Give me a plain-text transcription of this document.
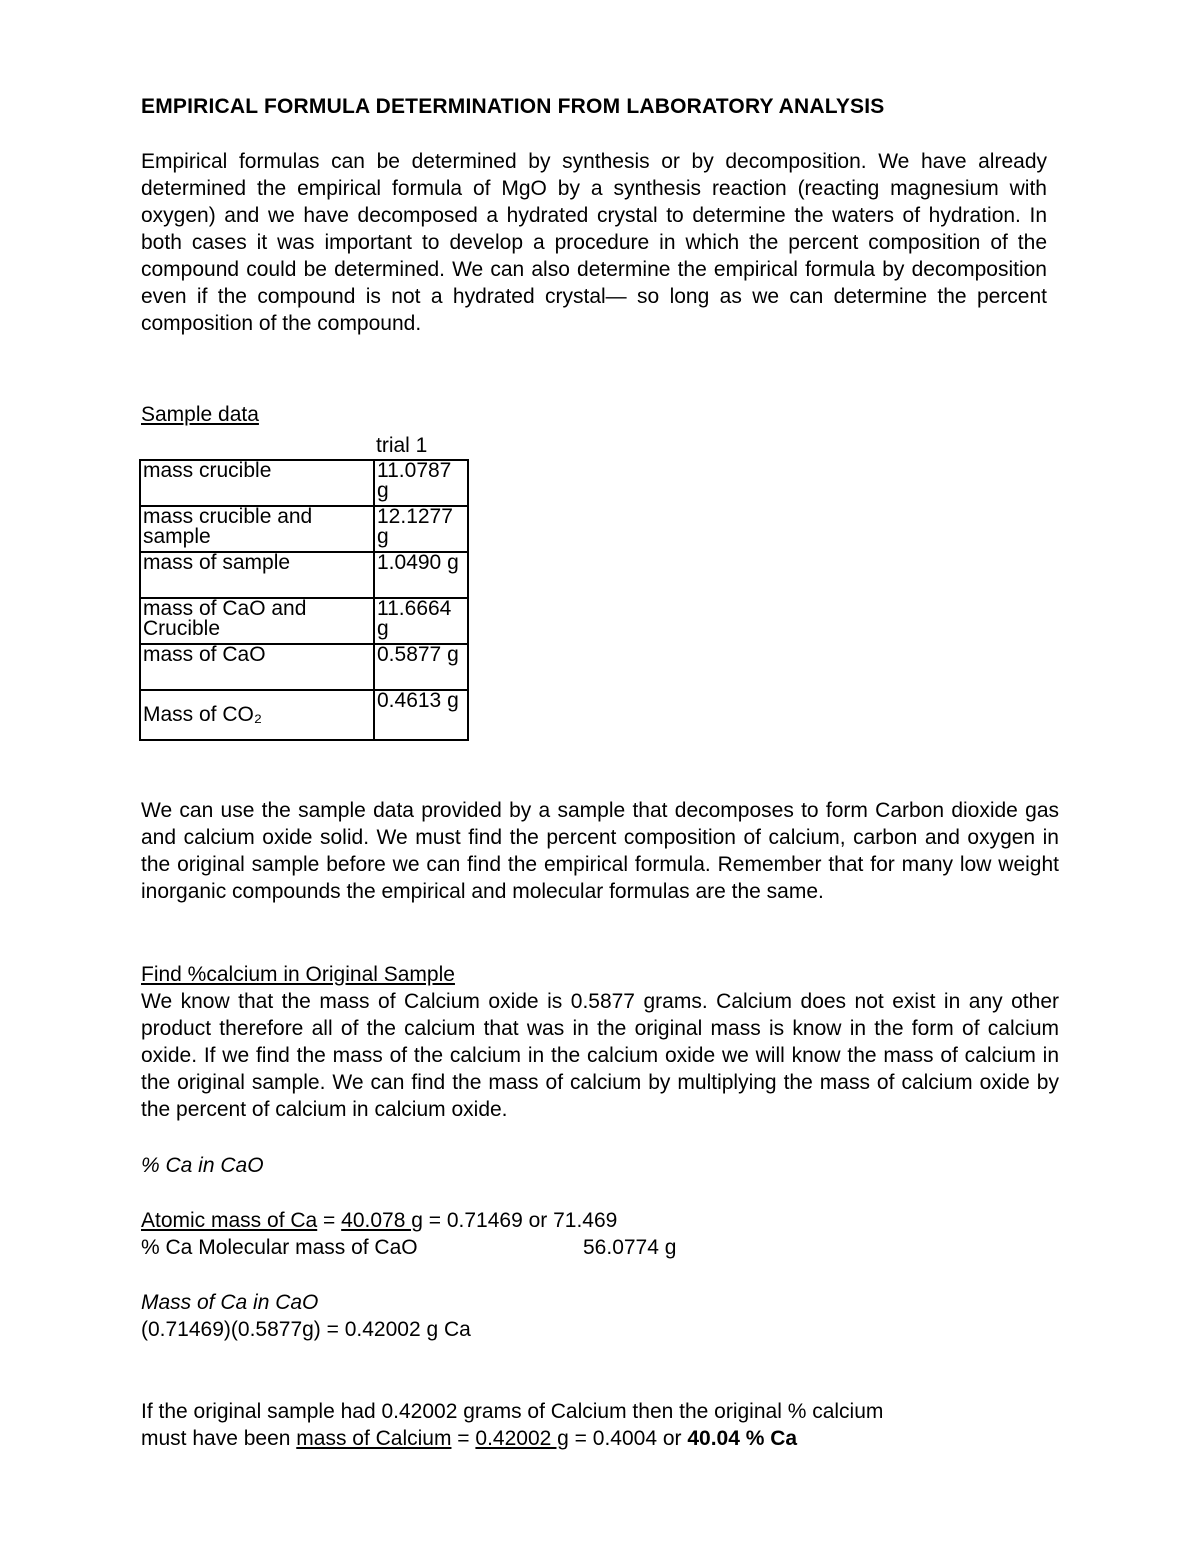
EMPIRICAL FORMULA DETERMINATION FROM LABORATORY ANALYSIS
Empirical formulas can be determined by synthesis or by decomposition. We have already determined the empirical formula of MgO by a synthesis reaction (reacting magnesium with oxygen) and we have decomposed a hydrated crystal to determine the waters of hydration. In both cases it was important to develop a procedure in which the percent composition of the compound could be determined. We can also determine the empirical formula by decomposition even if the compound is not a hydrated crystal— so long as we can determine the percent composition of the compound.
Sample data
trial 1
mass crucible	11.0787 g
mass crucible and sample	12.1277 g
mass of sample	1.0490 g
mass of CaO and Crucible	11.6664 g
mass of CaO	0.5877 g
Mass of CO₂	0.4613 g
We can use the sample data provided by a sample that decomposes to form Carbon dioxide gas and calcium oxide solid. We must find the percent composition of calcium, carbon and oxygen in the original sample before we can find the empirical formula. Remember that for many low weight inorganic compounds the empirical and molecular formulas are the same.
Find %calcium in Original Sample
We know that the mass of Calcium oxide is 0.5877 grams. Calcium does not exist in any other product therefore all of the calcium that was in the original mass is know in the form of calcium oxide. If we find the mass of the calcium in the calcium oxide we will know the mass of calcium in the original sample. We can find the mass of calcium by multiplying the mass of calcium oxide by the percent of calcium in calcium oxide.
% Ca in CaO
Atomic mass of Ca = 40.078 g = 0.71469 or 71.469
% Ca Molecular mass of CaO	56.0774 g
Mass of Ca in CaO
(0.71469)(0.5877g) = 0.42002 g Ca
If the original sample had 0.42002 grams of Calcium then the original % calcium
must have been mass of Calcium = 0.42002 g = 0.4004 or 40.04 % Ca
